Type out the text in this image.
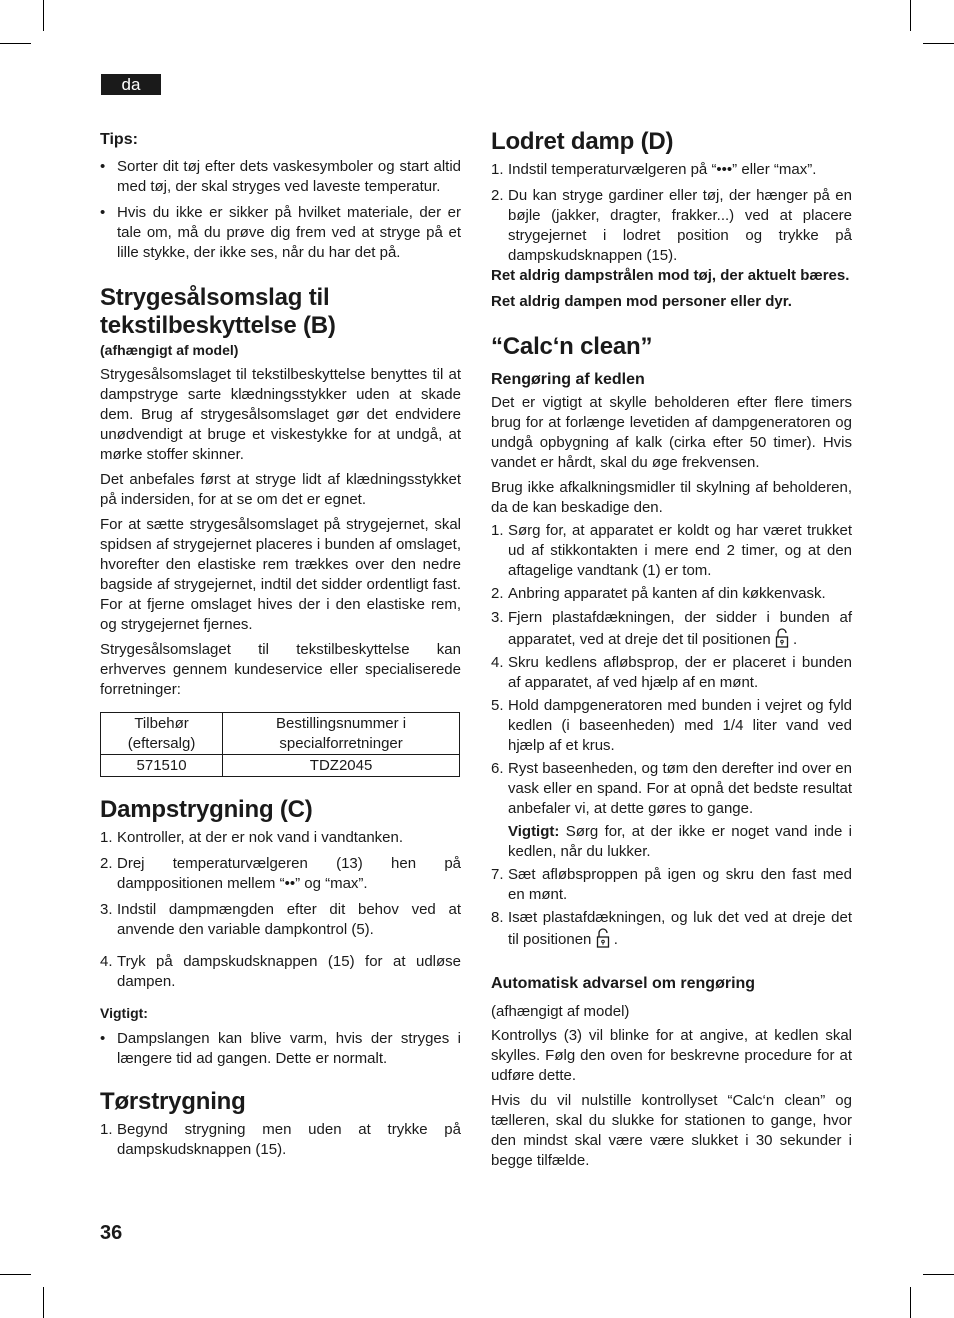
da

Tips:

• Sorter dit tøj efter dets vaskesymboler og start altid med tøj, der skal stryges ved laveste temperatur.
• Hvis du ikke er sikker på hvilket materiale, der er tale om, må du prøve dig frem ved at stryge på et lille stykke, der ikke ses, når du har det på.
Strygesålsomslag til tekstilbeskyttelse (B)

(afhængigt af model)

Strygesålsomslaget til tekstilbeskyttelse benyttes til at dampstryge sarte klædningsstykker uden at skade dem. Brug af strygesålsomslaget gør det endvidere unødvendigt at bruge et viskestykke for at undgå, at mørke stoffer skinner.

Det anbefales først at stryge lidt af klædningsstykket på indersiden, for at se om det er egnet.

For at sætte strygesålsomslaget på strygejernet, skal spidsen af strygejernet placeres i bunden af omslaget, hvorefter den elastiske rem trækkes over den nedre bagside af strygejernet, indtil det sidder ordentligt fast. For at fjerne omslaget hives der i den elastiske rem, og strygejernet fjernes.

Strygesålsomslaget til tekstilbeskyttelse kan erhverves gennem kundeservice eller specialiserede forretninger:

Tilbehør (eftersalg)	Bestillingsnummer i specialforretninger
571510	TDZ2045
Dampstrygning (C)
1. Kontroller, at der er nok vand i vandtanken.
2. Drej temperaturvælgeren (13) hen på damppositionen mellem “••” og “max”.
3. Indstil dampmængden efter dit behov ved at anvende den variable dampkontrol (5).
4. Tryk på dampskudsknappen (15) for at udløse dampen.

Vigtigt:

• Dampslangen kan blive varm, hvis der stryges i længere tid ad gangen. Dette er normalt.
Tørstrygning
1. Begynd strygning men uden at trykke på dampskudsknappen (15).
Lodret damp (D)
1. Indstil temperaturvælgeren på “•••” eller “max”.
2. Du kan stryge gardiner eller tøj, der hænger på en bøjle (jakker, dragter, frakker...) ved at placere strygejernet i lodret position og trykke på dampskudsknappen (15).

Ret aldrig dampstrålen mod tøj, der aktuelt bæres.

Ret aldrig dampen mod personer eller dyr.

“Calc‘n clean”

Rengøring af kedlen

Det er vigtigt at skylle beholderen efter flere timers brug for at forlænge levetiden af dampgeneratoren og undgå opbygning af kalk (cirka efter 50 timer). Hvis vandet er hårdt, skal du øge frekvensen.

Brug ikke afkalkningsmidler til skylning af beholderen, da de kan beskadige den.

1. Sørg for, at apparatet er koldt og har været trukket ud af stikkontakten i mere end 2 timer, og at den aftagelige vandtank (1) er tom.
2. Anbring apparatet på kanten af din køkkenvask.
3. Fjern plastafdækningen, der sidder i bunden af apparatet, ved at dreje det til positionen  .
4. Skru kedlens afløbsprop, der er placeret i bunden af apparatet, af ved hjælp af en mønt.
5. Hold dampgeneratoren med bunden i vejret og fyld kedlen (i baseenheden) med 1/4 liter vand ved hjælp af et krus.
6. Ryst baseenheden, og tøm den derefter ind over en vask eller en spand. For at opnå det bedste resultat anbefaler vi, at dette gøres to gange.
Vigtigt: Sørg for, at der ikke er noget vand inde i kedlen, når du lukker.
7. Sæt afløbsproppen på igen og skru den fast med en mønt.
8. Isæt plastafdækningen, og luk det ved at dreje det til positionen  .

Automatisk advarsel om rengøring

(afhængigt af model)

Kontrollys (3) vil blinke for at angive, at kedlen skal skylles. Følg den oven for beskrevne procedure for at udføre dette.

Hvis du vil nulstille kontrollyset “Calc‘n clean” og tælleren, skal du slukke for stationen to gange, hvor den mindst skal være være slukket i 30 sekunder i begge tilfælde.

36
